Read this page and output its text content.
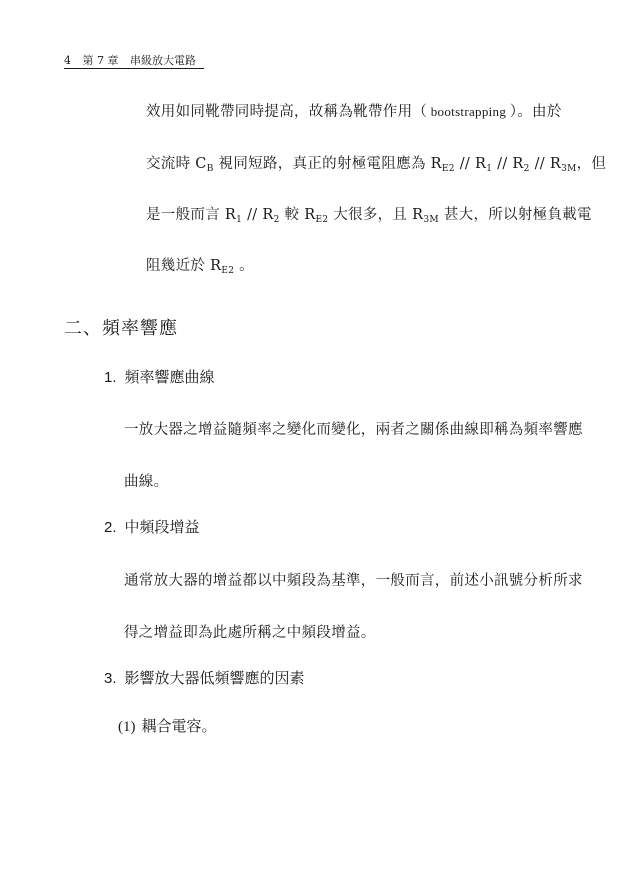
4 第 7 章 串級放大電路
效用如同靴帶同時提高，故稱為靴帶作用（ bootstrapping ）。由於
交流時 $C_B$ 視同短路，真正的射極電阻應為 $R_{E2} // R_1 // R_2 // R_{3M}$，但
是一般而言 $R_1 // R_2$ 較 $R_{E2}$ 大很多，且 $R_{3M}$ 甚大，所以射極負載電
阻幾近於 $R_{E2}$ 。
二、頻率響應
1. 頻率響應曲線
一放大器之增益隨頻率之變化而變化，兩者之關係曲線即稱為頻率響應
曲線。
2. 中頻段增益
通常放大器的增益都以中頻段為基準，一般而言，前述小訊號分析所求
得之增益即為此處所稱之中頻段增益。
3. 影響放大器低頻響應的因素
(1) 耦合電容。
